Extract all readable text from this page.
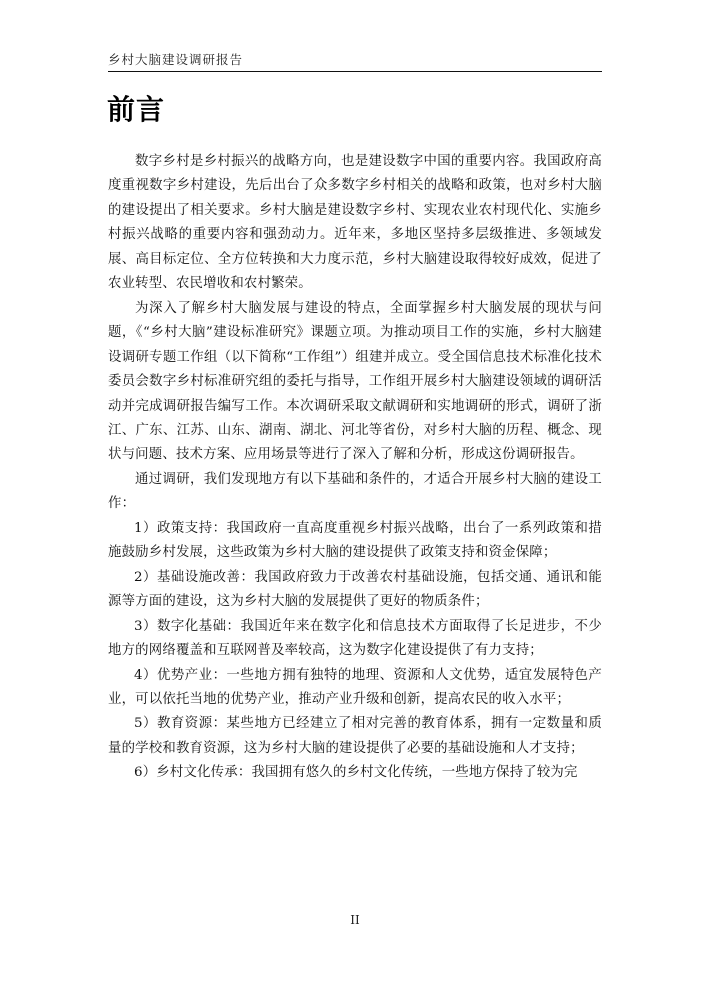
乡村大脑建设调研报告
前言

数字乡村是乡村振兴的战略方向，也是建设数字中国的重要内容。我国政府高度重视数字乡村建设，先后出台了众多数字乡村相关的战略和政策，也对乡村大脑的建设提出了相关要求。乡村大脑是建设数字乡村、实现农业农村现代化、实施乡村振兴战略的重要内容和强劲动力。近年来，多地区坚持多层级推进、多领域发展、高目标定位、全方位转换和大力度示范，乡村大脑建设取得较好成效，促进了农业转型、农民增收和农村繁荣。

为深入了解乡村大脑发展与建设的特点，全面掌握乡村大脑发展的现状与问题，《“乡村大脑”建设标准研究》课题立项。为推动项目工作的实施，乡村大脑建设调研专题工作组（以下简称“工作组”）组建并成立。受全国信息技术标准化技术委员会数字乡村标准研究组的委托与指导，工作组开展乡村大脑建设领域的调研活动并完成调研报告编写工作。本次调研采取文献调研和实地调研的形式，调研了浙江、广东、江苏、山东、湖南、湖北、河北等省份，对乡村大脑的历程、概念、现状与问题、技术方案、应用场景等进行了深入了解和分析，形成这份调研报告。

通过调研，我们发现地方有以下基础和条件的，才适合开展乡村大脑的建设工作：

1）政策支持：我国政府一直高度重视乡村振兴战略，出台了一系列政策和措施鼓励乡村发展，这些政策为乡村大脑的建设提供了政策支持和资金保障；

2）基础设施改善：我国政府致力于改善农村基础设施，包括交通、通讯和能源等方面的建设，这为乡村大脑的发展提供了更好的物质条件；

3）数字化基础：我国近年来在数字化和信息技术方面取得了长足进步，不少地方的网络覆盖和互联网普及率较高，这为数字化建设提供了有力支持；

4）优势产业：一些地方拥有独特的地理、资源和人文优势，适宜发展特色产业，可以依托当地的优势产业，推动产业升级和创新，提高农民的收入水平；

5）教育资源：某些地方已经建立了相对完善的教育体系，拥有一定数量和质量的学校和教育资源，这为乡村大脑的建设提供了必要的基础设施和人才支持；

6）乡村文化传承：我国拥有悠久的乡村文化传统，一些地方保持了较为完

II
